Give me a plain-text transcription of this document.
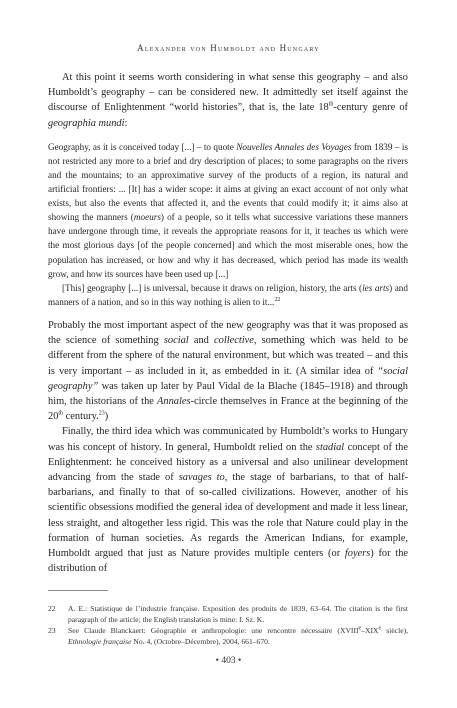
Alexander von Humboldt and Hungary

At this point it seems worth considering in what sense this geography – and also Humboldt’s geography – can be considered new. It admittedly set itself against the discourse of Enlightenment “world histories”, that is, the late 18th-century genre of geographia mundi:

Geography, as it is conceived today [...] – to quote Nouvelles Annales des Voyages from 1839 – is not restricted any more to a brief and dry description of places; to some paragraphs on the rivers and the mountains; to an approximative survey of the products of a region, its natural and artificial frontiers: ... [It] has a wider scope: it aims at giving an exact account of not only what exists, but also the events that affected it, and the events that could modify it; it aims also at showing the manners (moeurs) of a people, so it tells what successive variations these manners have undergone through time, it reveals the appropriate reasons for it, it teaches us which were the most glorious days [of the people concerned] and which the most miserable ones, how the population has increased, or how and why it has decreased, which period has made its wealth grow, and how its sources have been used up [...]

[This] geography [...] is universal, because it draws on religion, history, the arts (les arts) and manners of a nation, and so in this way nothing is alien to it...$^{22}$

Probably the most important aspect of the new geography was that it was proposed as the science of something social and collective, something which was held to be different from the sphere of the natural environment, but which was treated – and this is very important – as included in it, as embedded in it. (A similar idea of “social geography” was taken up later by Paul Vidal de la Blache (1845–1918) and through him, the historians of the Annales-circle themselves in France at the beginning of the 20th century.$^{23}$)

Finally, the third idea which was communicated by Humboldt’s works to Hungary was his concept of history. In general, Humboldt relied on the stadial concept of the Enlightenment: he conceived history as a universal and also unilinear development advancing from the stade of savages to, the stage of barbarians, to that of half-barbarians, and finally to that of so-called civilizations. However, another of his scientific obsessions modified the general idea of development and made it less linear, less straight, and altogether less rigid. This was the role that Nature could play in the formation of human societies. As regards the American Indians, for example, Humboldt argued that just as Nature provides multiple centers (or foyers) for the distribution of

22	A. E.: Statistique de l’industrie française. Exposition des produits de 1839, 63–64. The citation is the first paragraph of the article; the English translation is mine: I. Sz. K.
23	See Claude Blanckaert: Géographie et anthropologie: une rencontre nécessaire (XVIIIe–XIXe siècle), Ethnologie française No. 4, (Octobre–Décembre), 2004, 661–670.
• 403 •
